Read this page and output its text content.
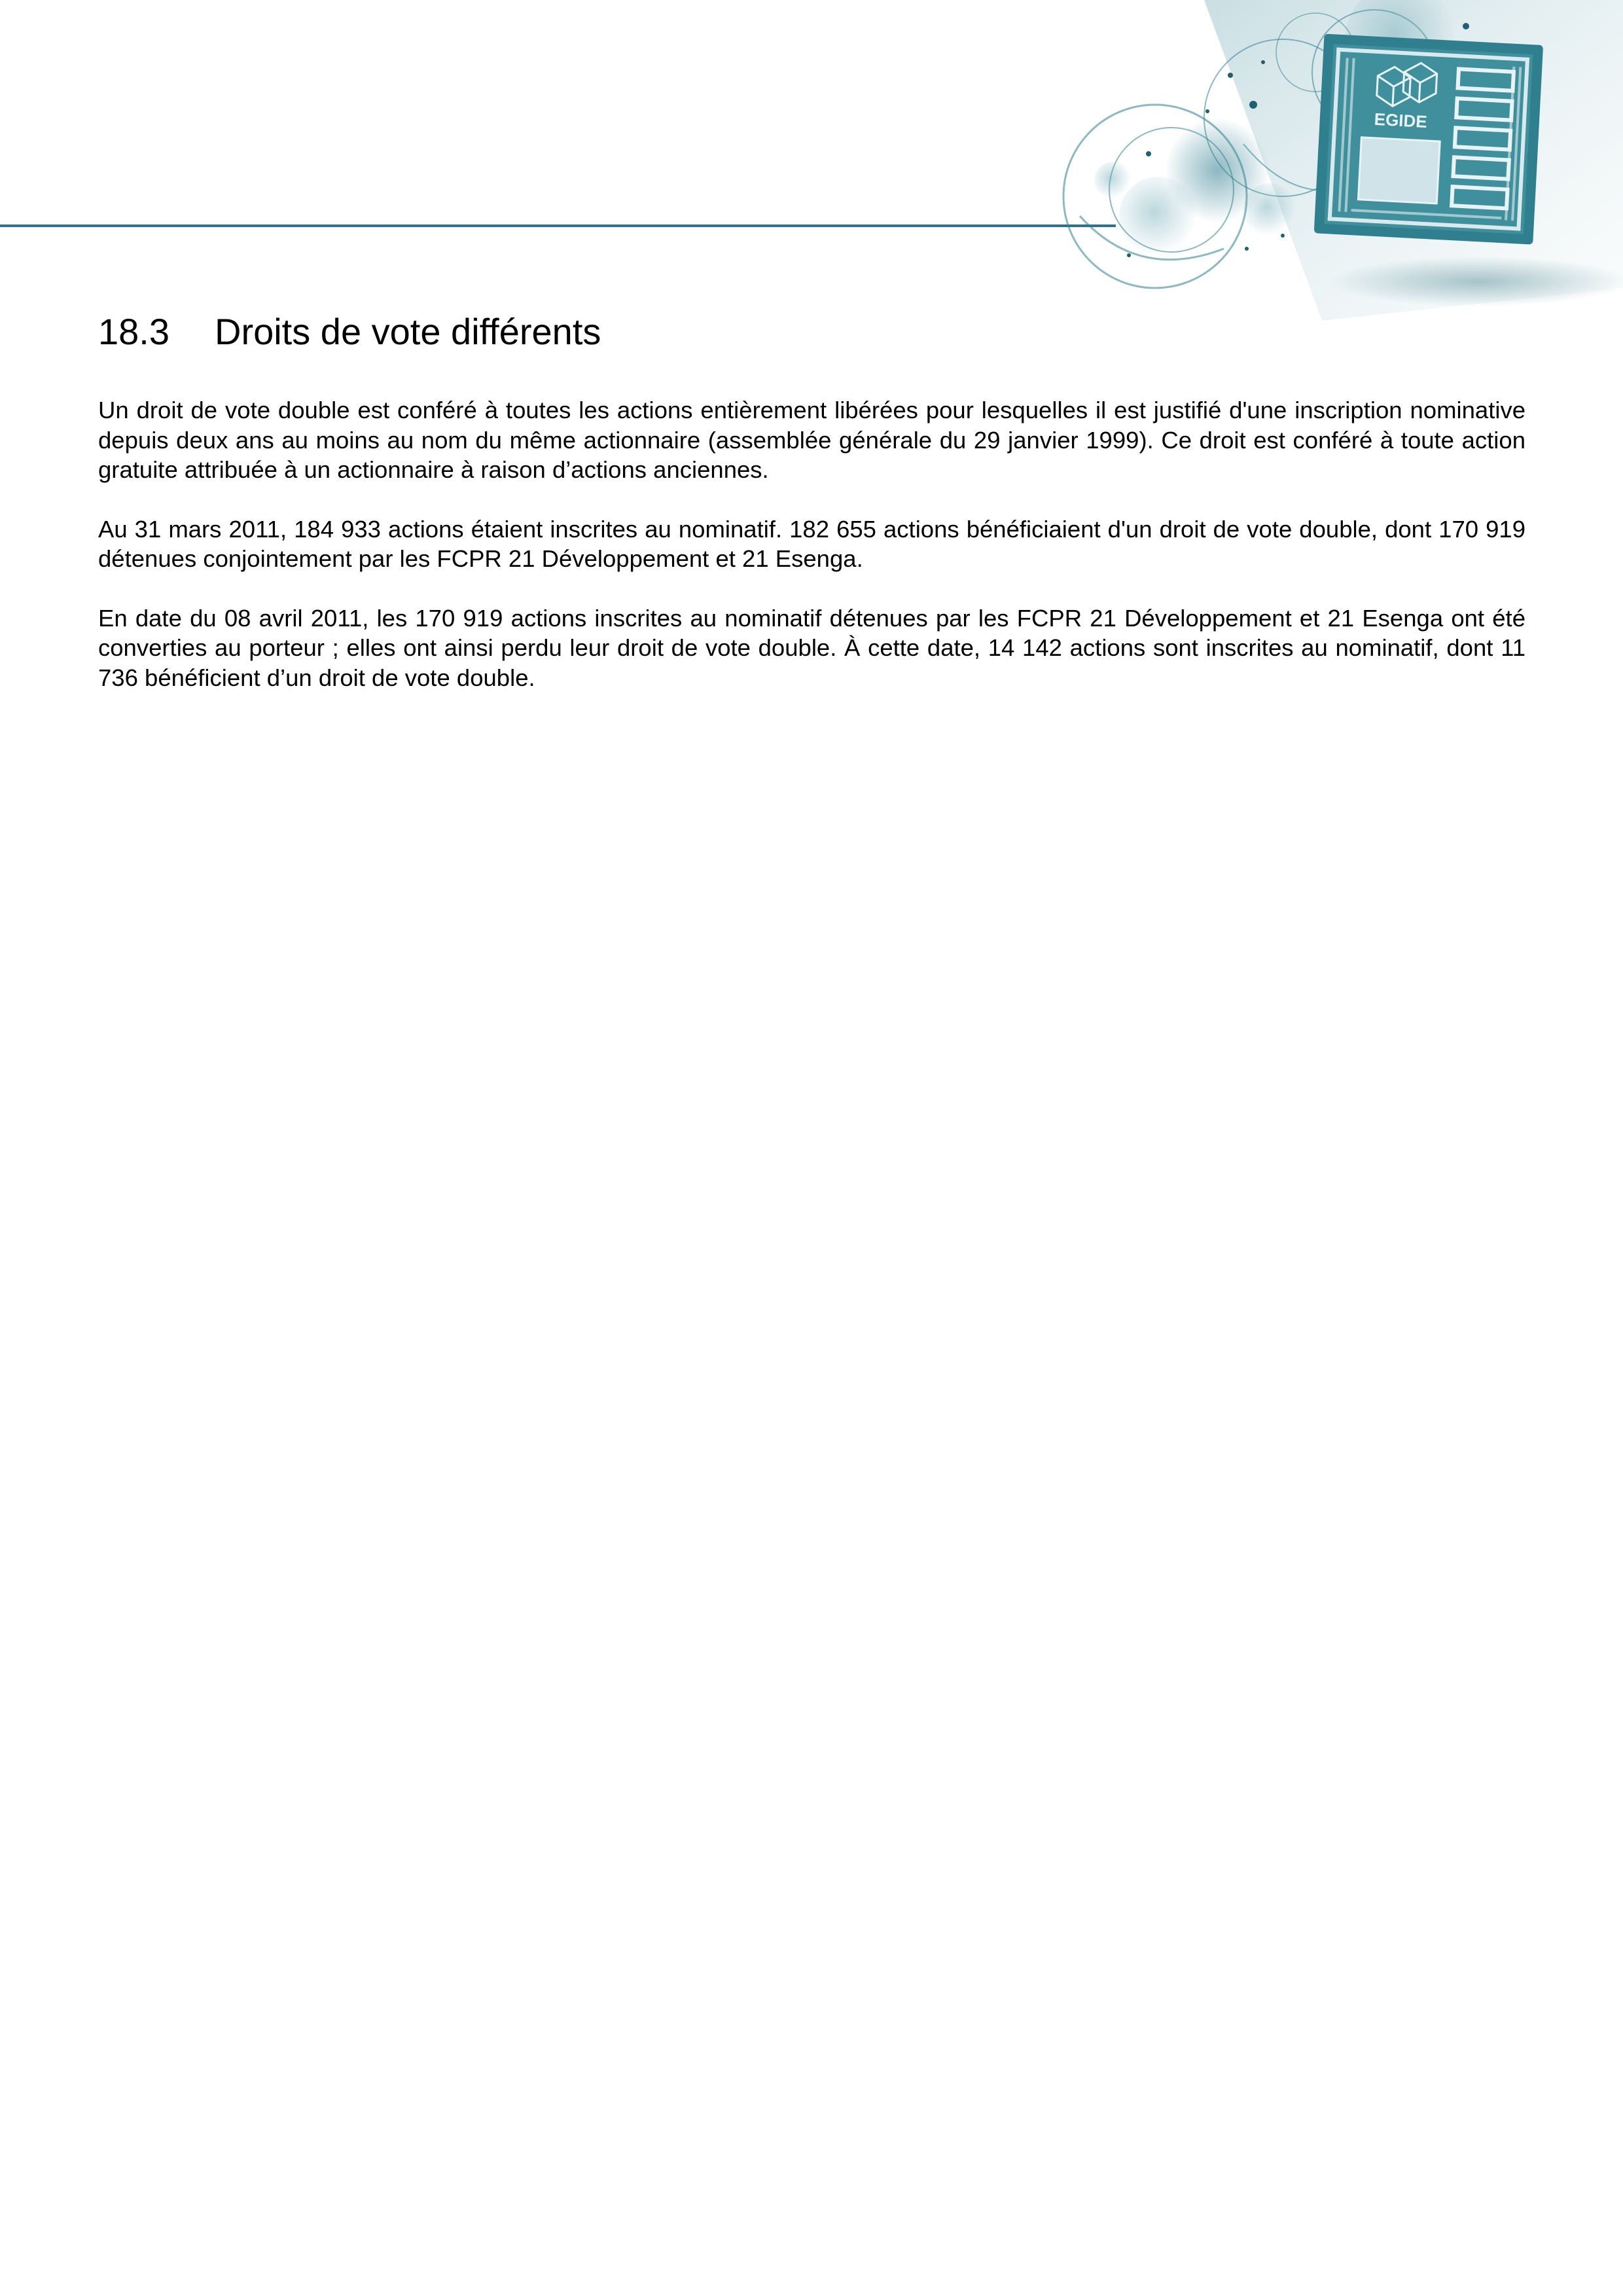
EGIDE
18.3 Droits de vote différents

Un droit de vote double est conféré à toutes les actions entièrement libérées pour lesquelles il est justifié d'une inscription nominative depuis deux ans au moins au nom du même actionnaire (assemblée générale du 29 janvier 1999). Ce droit est conféré à toute action gratuite attribuée à un actionnaire à raison d’actions anciennes.

Au 31 mars 2011, 184 933 actions étaient inscrites au nominatif. 182 655 actions bénéficiaient d'un droit de vote double, dont 170 919 détenues conjointement par les FCPR 21 Développement et 21 Esenga.

En date du 08 avril 2011, les 170 919 actions inscrites au nominatif détenues par les FCPR 21 Développement et 21 Esenga ont été converties au porteur ; elles ont ainsi perdu leur droit de vote double. À cette date, 14 142 actions sont inscrites au nominatif, dont 11 736 bénéficient d’un droit de vote double.
